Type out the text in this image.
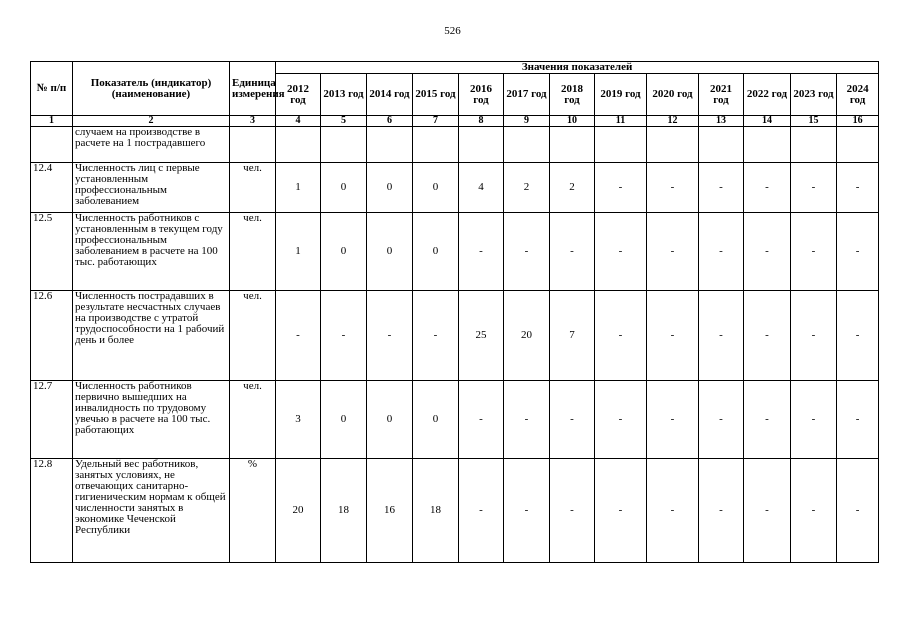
526
№ п/п	Показатель (индикатор) (наименование)	Единица измерения	Значения показателей												
			2012 год	2013 год	2014 год	2015 год	2016 год	2017 год	2018 год	2019 год	2020 год	2021 год	2022 год	2023 год	2024 год
1	2	3	4	5	6	7	8	9	10	11	12	13	14	15	16
	случаем на производстве в расчете на 1 пострадавшего														
12.4	Численность лиц с первые установленным профессиональным заболеванием	чел.	1	0	0	0	4	2	2	-	-	-	-	-	-
12.5	Численность работников с установленным в текущем году профессиональным заболеванием в расчете на 100 тыс. работающих	чел.	1	0	0	0	-	-	-	-	-	-	-	-	-
12.6	Численность пострадавших в результате несчастных случаев на производстве с утратой трудоспособности на 1 рабочий день и более	чел.	-	-	-	-	25	20	7	-	-	-	-	-	-
12.7	Численность работников первично вышедших на инвалидность по трудовому увечью в расчете на 100 тыс. работающих	чел.	3	0	0	0	-	-	-	-	-	-	-	-	-
12.8	Удельный вес работников, занятых условиях, не отвечающих санитарно-гигиеническим нормам к общей численности занятых в экономике Чеченской Республики	%	20	18	16	18	-	-	-	-	-	-	-	-	-
